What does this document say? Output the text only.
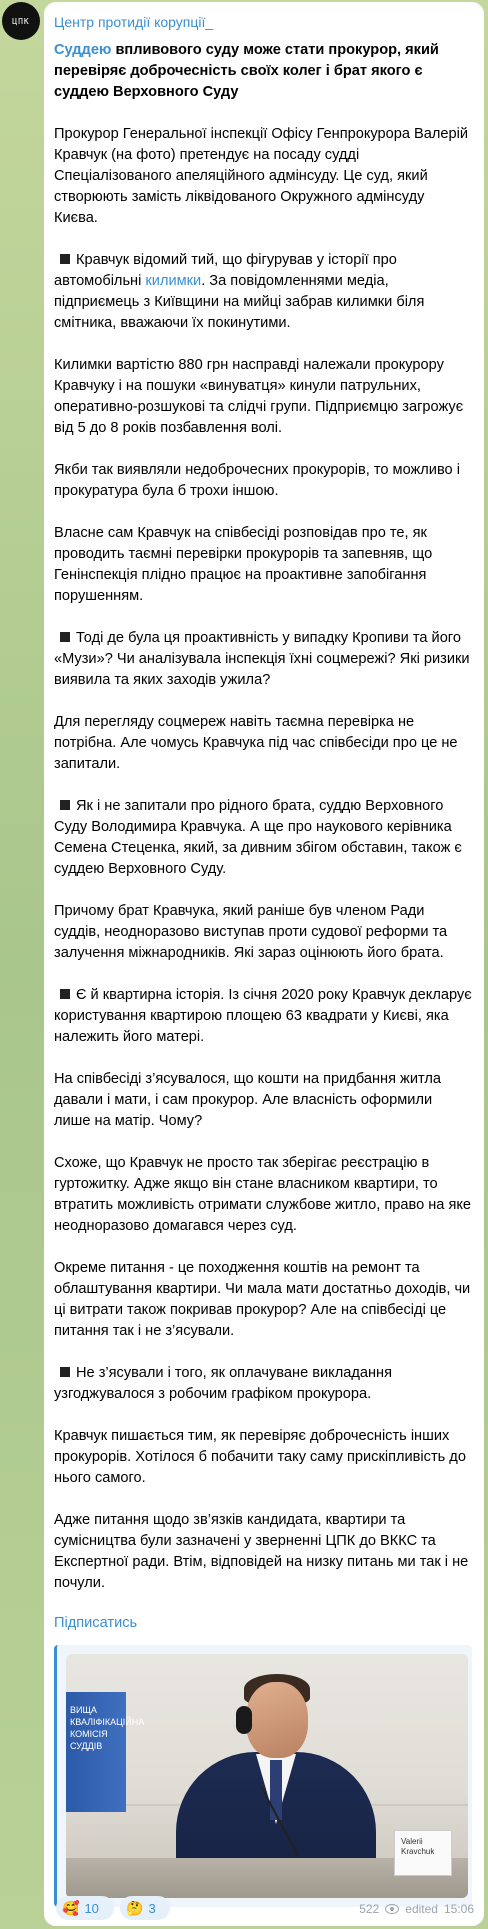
ЦПК	Центр протидії корупції_

Суддею впливового суду може стати прокурор, який перевіряє доброчесність своїх колег і брат якого є суддею Верховного Суду

Прокурор Генеральної інспекції Офісу Генпрокурора Валерій Кравчук (на фото) претендує на посаду судді Спеціалізованого апеляційного адмінсуду. Це суд, який створюють замість ліквідованого Окружного адмінсуду Києва.

Кравчук відомий тий, що фігурував у історії про автомобільні килимки. За повідомленнями медіа, підприємець з Київщини на мийці забрав килимки біля смітника, вважаючи їх покинутими.

Килимки вартістю 880 грн насправді належали прокурору Кравчуку і на пошуки «винуватця» кинули патрульних, оперативно-розшукові та слідчі групи. Підприємцю загрожує від 5 до 8 років позбавлення волі.

Якби так виявляли недоброчесних прокурорів, то можливо і прокуратура була б трохи іншою.

Власне сам Кравчук на співбесіді розповідав про те, як проводить таємні перевірки прокурорів та запевняв, що Генінспекція плідно працює на проактивне запобігання порушенням.

Тоді де була ця проактивність у випадку Кропиви та його «Музи»? Чи аналізувала інспекція їхні соцмережі? Які ризики виявила та яких заходів ужила?

Для перегляду соцмереж навіть таємна перевірка не потрібна. Але чомусь Кравчука під час співбесіди про це не запитали.

Як і не запитали про рідного брата, суддю Верховного Суду Володимира Кравчука. А ще про наукового керівника Семена Стеценка, який, за дивним збігом обставин, також є суддею Верховного Суду.

Причому брат Кравчука, який раніше був членом Ради суддів, неодноразово виступав проти судової реформи та залучення міжнародників. Які зараз оцінюють його брата.

Є й квартирна історія. Із січня 2020 року Кравчук декларує користування квартирою площею 63 квадрати у Києві, яка належить його матері.

На співбесіді з’ясувалося, що кошти на придбання житла давали і мати, і сам прокурор. Але власність оформили лише на матір. Чому?

Схоже, що Кравчук не просто так зберігає реєстрацію в гуртожитку. Адже якщо він стане власником квартири, то втратить можливість отримати службове житло, право на яке неодноразово домагався через суд.

Окреме питання - це походження коштів на ремонт та облаштування квартири. Чи мала мати достатньо доходів, чи ці витрати також покривав прокурор? Але на співбесіді це питання так і не з’ясували.

Не з’ясували і того, як оплачуване викладання узгоджувалося з робочим графіком прокурора.

Кравчук пишається тим, як перевіряє доброчесність інших прокурорів. Хотілося б побачити таку саму прискіпливість до нього самого.

Адже питання щодо зв’язків кандидата, квартири та сумісництва були зазначені у зверненні ЦПК до ВККС та Експертної ради. Втім, відповідей на низку питань ми так і не почули.

Підписатись
ВИЩА КВАЛІФІКАЦІЙНА КОМІСІЯ СУДДІВ
Valerii Kravchuk
🥰 10 🤔 3	522 edited 15:06
